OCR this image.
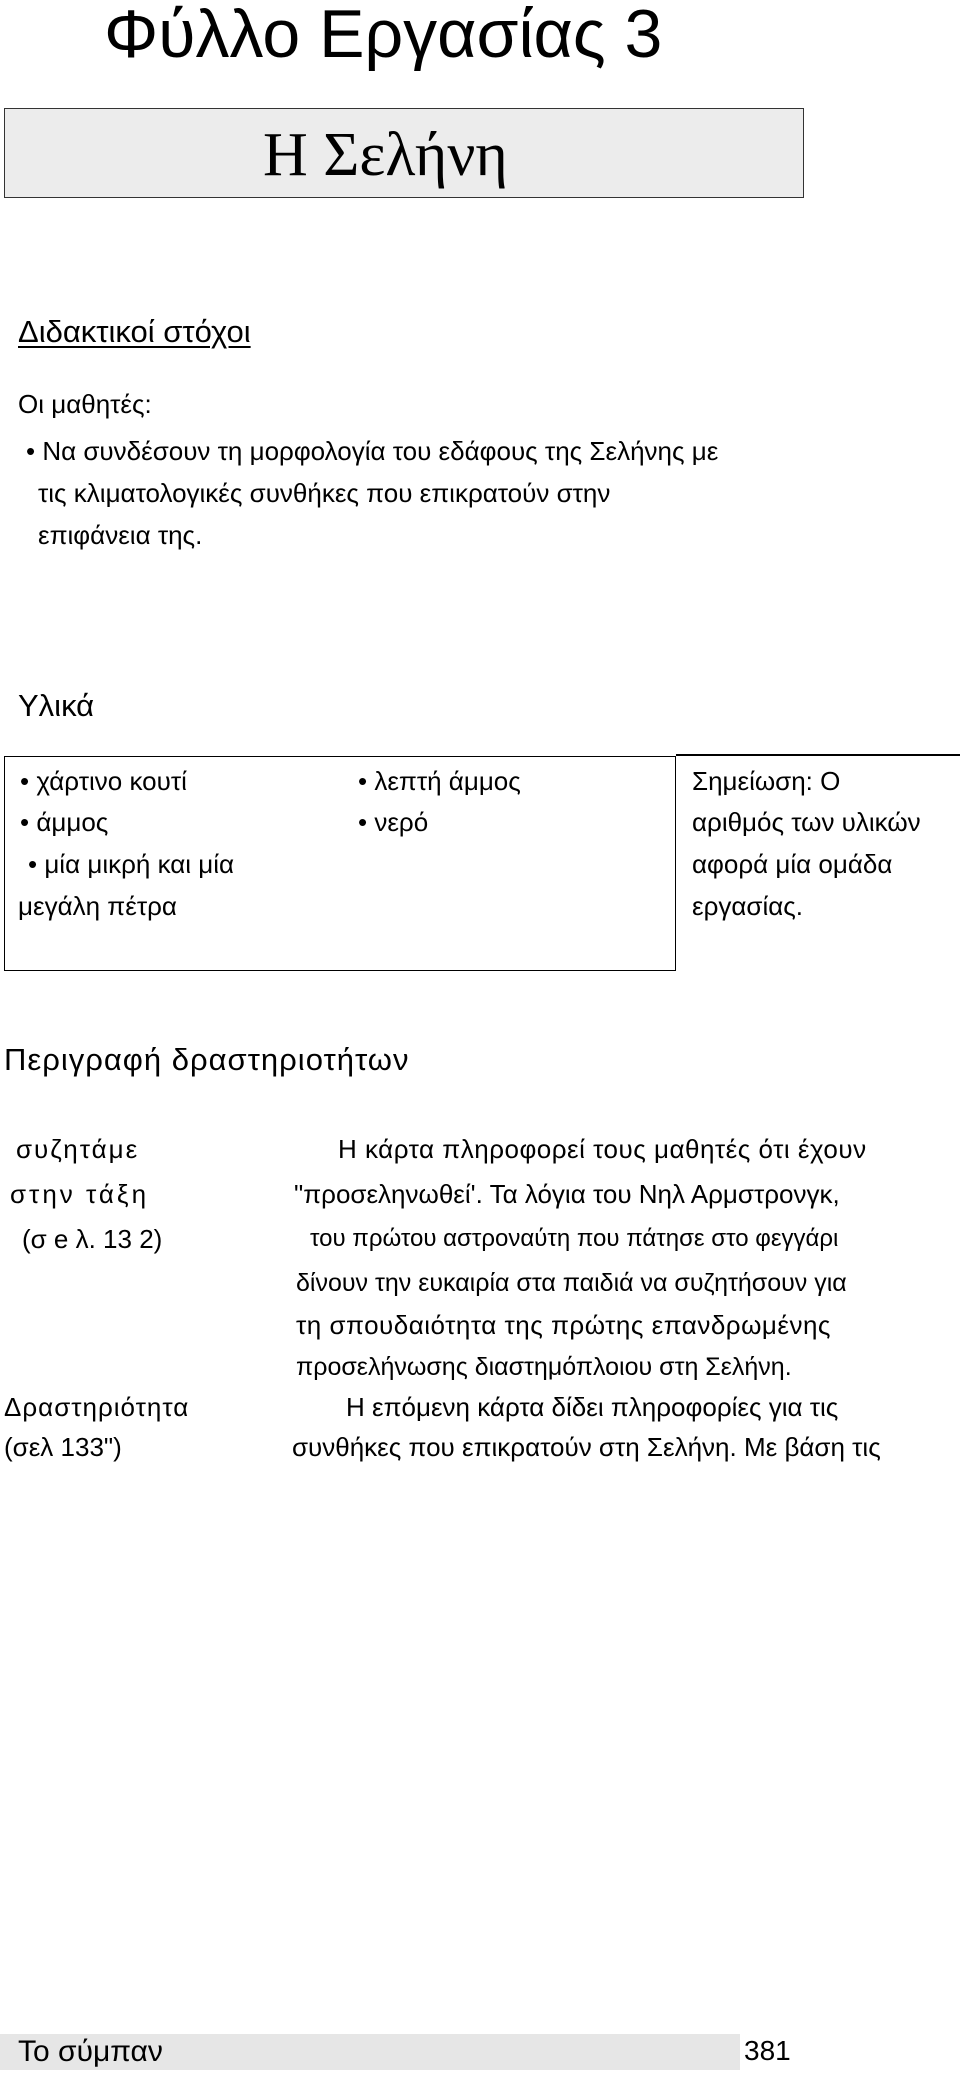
Φύλλο Εργασίας 3
Η Σελήνη
Διδακτικοί στόχοι
Οι μαθητές:
• Να συνδέσουν τη μορφολογία του εδάφους της Σελήνης με
τις κλιματολογικές συνθήκες που επικρατούν στην
επιφάνεια της.
Υλικά
• χάρτινο κουτί
• άμμος
• μία μικρή και μία
μεγάλη πέτρα
• λεπτή άμμος
• νερό
Σημείωση: Ο
αριθμός των υλικών
αφορά μία ομάδα
εργασίας.
Περιγραφή δραστηριοτήτων
συζητάμε
στην τάξη
(σ e λ. 13 2)
Δραστηριότητα
(σελ 133")
Η κάρτα πληροφορεί τους μαθητές ότι έχουν
"προσεληνωθεί'. Τα λόγια του Νηλ Αρμστρονγκ,
του πρώτου αστροναύτη που πάτησε στο φεγγάρι
δίνουν την ευκαιρία στα παιδιά να συζητήσουν για
τη σπουδαιότητα της πρώτης επανδρωμένης
προσελήνωσης διαστημόπλοιου στη Σελήνη.
Η επόμενη κάρτα δίδει πληροφορίες για τις
συνθήκες που επικρατούν στη Σελήνη. Με βάση τις
Το σύμπαν	381
